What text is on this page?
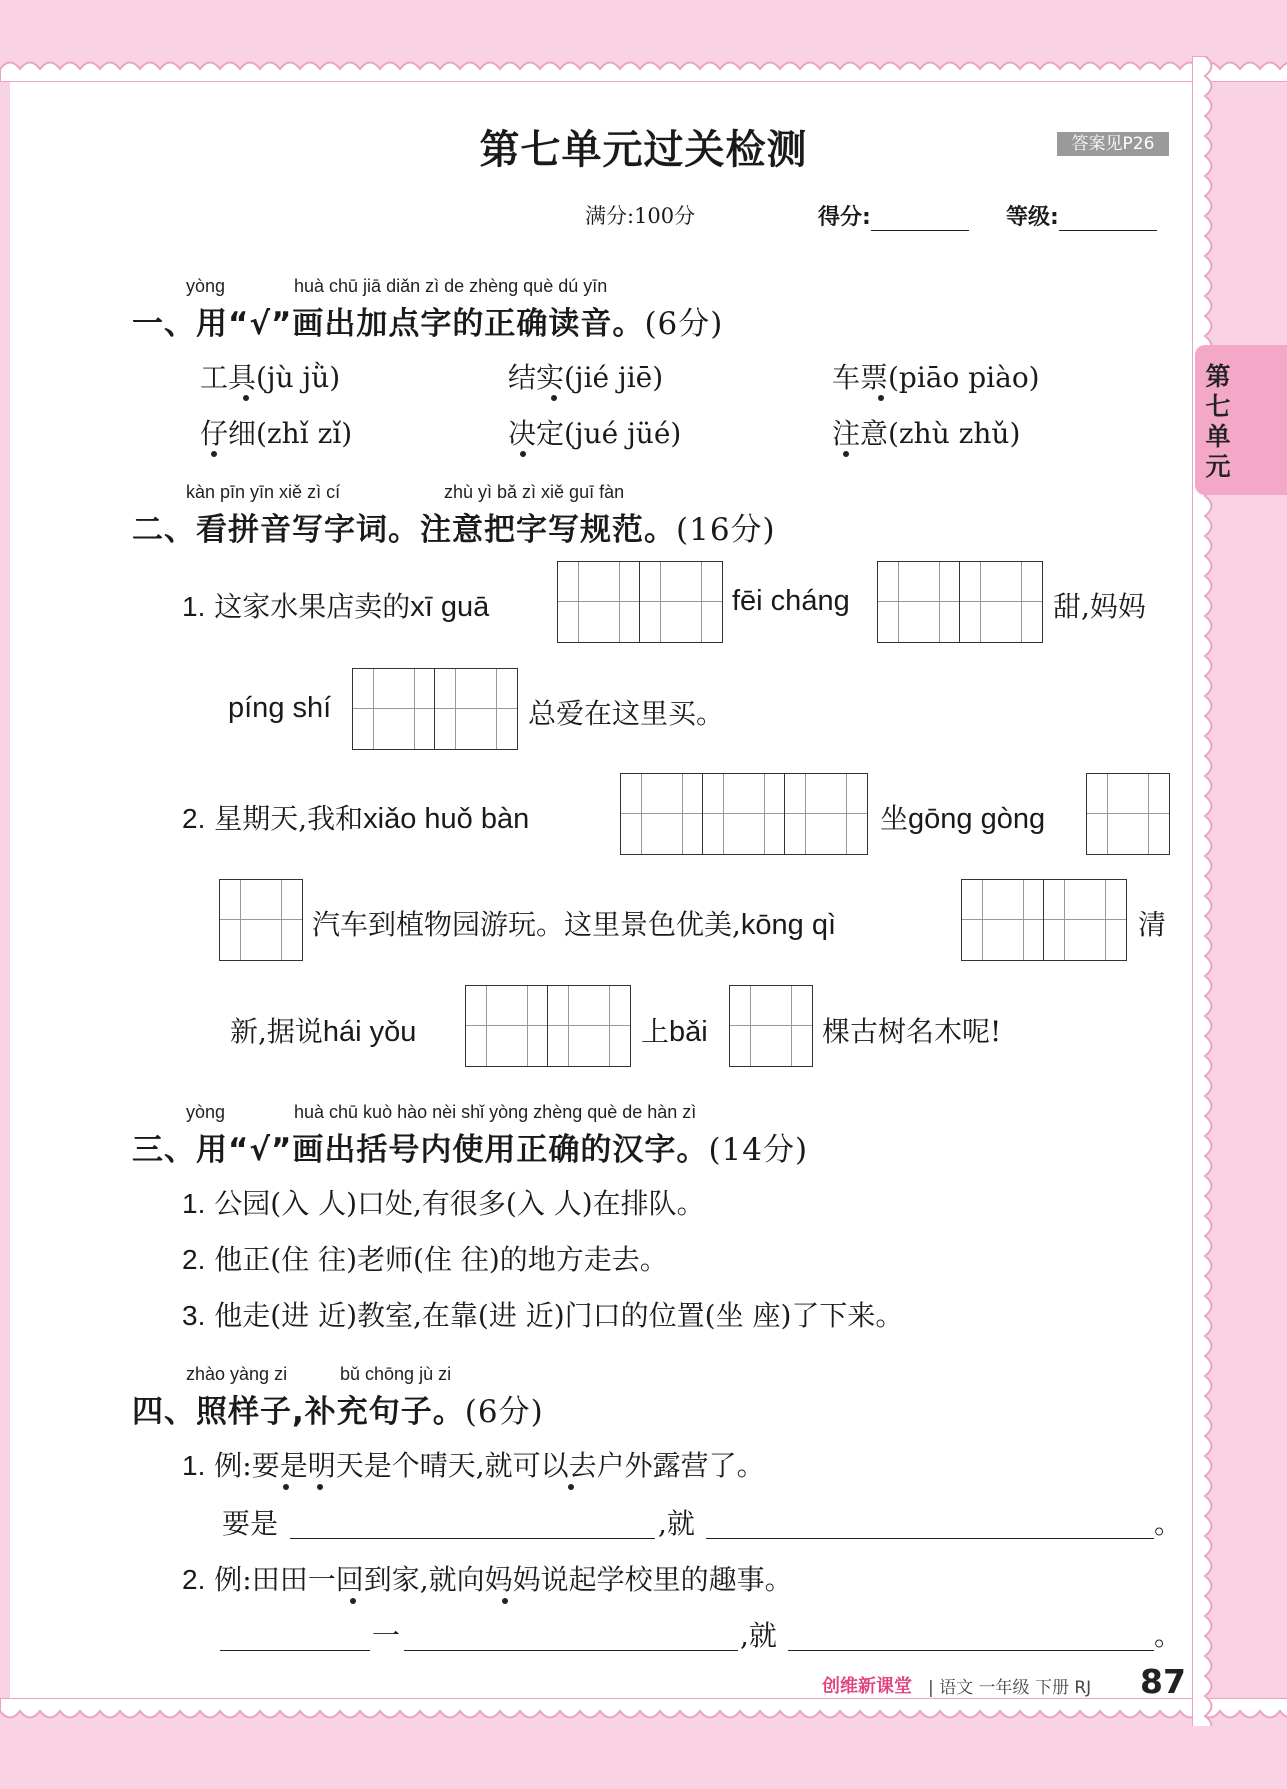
第七单元
第七单元过关检测	答案见P26
满分:100分	得分:	等级:
yòng	huà chū jiā diǎn zì de zhèng què dú yīn
一、用“√”画出加点字的正确读音。(6分)
工具(jù jǜ)	结实(jié jiē)	车票(piāo piào)
仔细(zhǐ zǐ)	决定(jué jüé)	注意(zhù zhǔ)
kàn pīn yīn xiě zì cí	zhù yì bǎ zì xiě guī fàn
二、看拼音写字词。注意把字写规范。(16分)
1. 这家水果店卖的xī guā	fēi cháng	甜,妈妈
píng shí	总爱在这里买。
2. 星期天,我和xiǎo huǒ bàn	坐gōng gòng
汽车到植物园游玩。这里景色优美,kōng qì	清
新,据说hái yǒu	上bǎi	棵古树名木呢!
yòng	huà chū kuò hào nèi shǐ yòng zhèng què de hàn zì
三、用“√”画出括号内使用正确的汉字。(14分)
1. 公园(入 人)口处,有很多(入 人)在排队。
2. 他正(住 往)老师(住 往)的地方走去。
3. 他走(进 近)教室,在靠(进 近)门口的位置(坐 座)了下来。
zhào yàng zi	bǔ chōng jù zi
四、照样子,补充句子。(6分)
1. 例:要是明天是个晴天,就可以去户外露营了。
要是	,就	。
2. 例:田田一回到家,就向妈妈说起学校里的趣事。
一	,就	。
创维新课堂 | 语文 一年级 下册 RJ 87
